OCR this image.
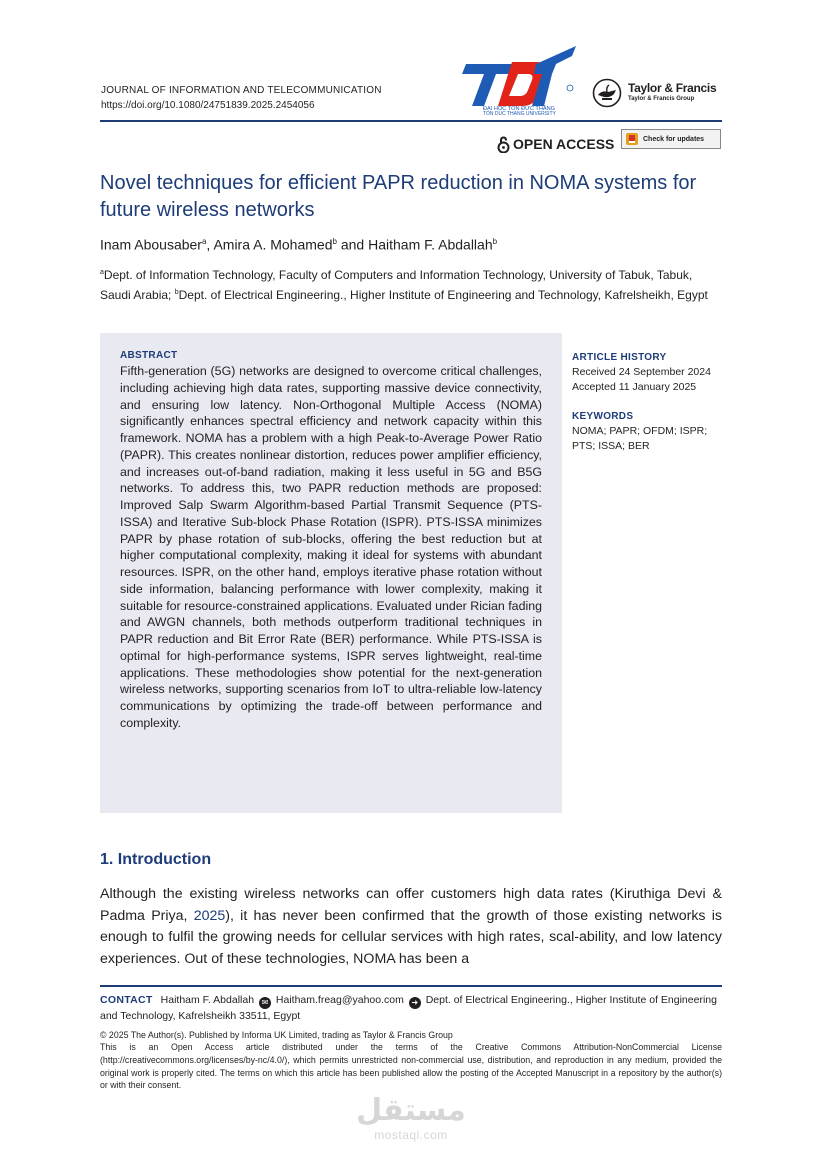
JOURNAL OF INFORMATION AND TELECOMMUNICATION
https://doi.org/10.1080/24751839.2025.2454056	ĐẠI HỌC TÔN ĐỨC THẮNG
TON DUC THANG UNIVERSITY
Taylor & Francis
Taylor & Francis Group
OPEN ACCESS	Check for updates
Novel techniques for efficient PAPR reduction in NOMA systems for future wireless networks
Inam Abousaber$^a$, Amira A. Mohamed$^b$ and Haitham F. Abdallah$^b$
$^a$Dept. of Information Technology, Faculty of Computers and Information Technology, University of Tabuk, Tabuk, Saudi Arabia; $^b$Dept. of Electrical Engineering., Higher Institute of Engineering and Technology, Kafrelsheikh, Egypt
ABSTRACT
Fifth-generation (5G) networks are designed to overcome critical challenges, including achieving high data rates, supporting massive device connectivity, and ensuring low latency. Non-Orthogonal Multiple Access (NOMA) significantly enhances spectral efficiency and network capacity within this framework. NOMA has a problem with a high Peak-to-Average Power Ratio (PAPR). This creates nonlinear distortion, reduces power amplifier efficiency, and increases out-of-band radiation, making it less useful in 5G and B5G networks. To address this, two PAPR reduction methods are proposed: Improved Salp Swarm Algorithm-based Partial Transmit Sequence (PTS-ISSA) and Iterative Sub-block Phase Rotation (ISPR). PTS-ISSA minimizes PAPR by phase rotation of sub-blocks, offering the best reduction but at higher computational complexity, making it ideal for systems with abundant resources. ISPR, on the other hand, employs iterative phase rotation without side information, balancing performance with lower complexity, making it suitable for resource-constrained applications. Evaluated under Rician fading and AWGN channels, both methods outperform traditional techniques in PAPR reduction and Bit Error Rate (BER) performance. While PTS-ISSA is optimal for high-performance systems, ISPR serves lightweight, real-time applications. These methodologies show potential for the next-generation wireless networks, supporting scenarios from IoT to ultra-reliable low-latency communications by optimizing the trade-off between performance and complexity.
ARTICLE HISTORY
Received 24 September 2024
Accepted 11 January 2025
KEYWORDS
NOMA; PAPR; OFDM; ISPR; PTS; ISSA; BER
1. Introduction
Although the existing wireless networks can offer customers high data rates (Kiruthiga Devi & Padma Priya, 2025), it has never been confirmed that the growth of those existing networks is enough to fulfil the growing needs for cellular services with high rates, scal-ability, and low latency experiences. Out of these technologies, NOMA has been a
CONTACT Haitham F. Abdallah ✉ Haitham.freag@yahoo.com ➜ Dept. of Electrical Engineering., Higher Institute of Engineering and Technology, Kafrelsheikh 33511, Egypt
© 2025 The Author(s). Published by Informa UK Limited, trading as Taylor & Francis Group
This is an Open Access article distributed under the terms of the Creative Commons Attribution-NonCommercial License (http://creativecommons.org/licenses/by-nc/4.0/), which permits unrestricted non-commercial use, distribution, and reproduction in any medium, provided the original work is properly cited. The terms on which this article has been published allow the posting of the Accepted Manuscript in a repository by the author(s) or with their consent.
مستقل
mostaql.com
